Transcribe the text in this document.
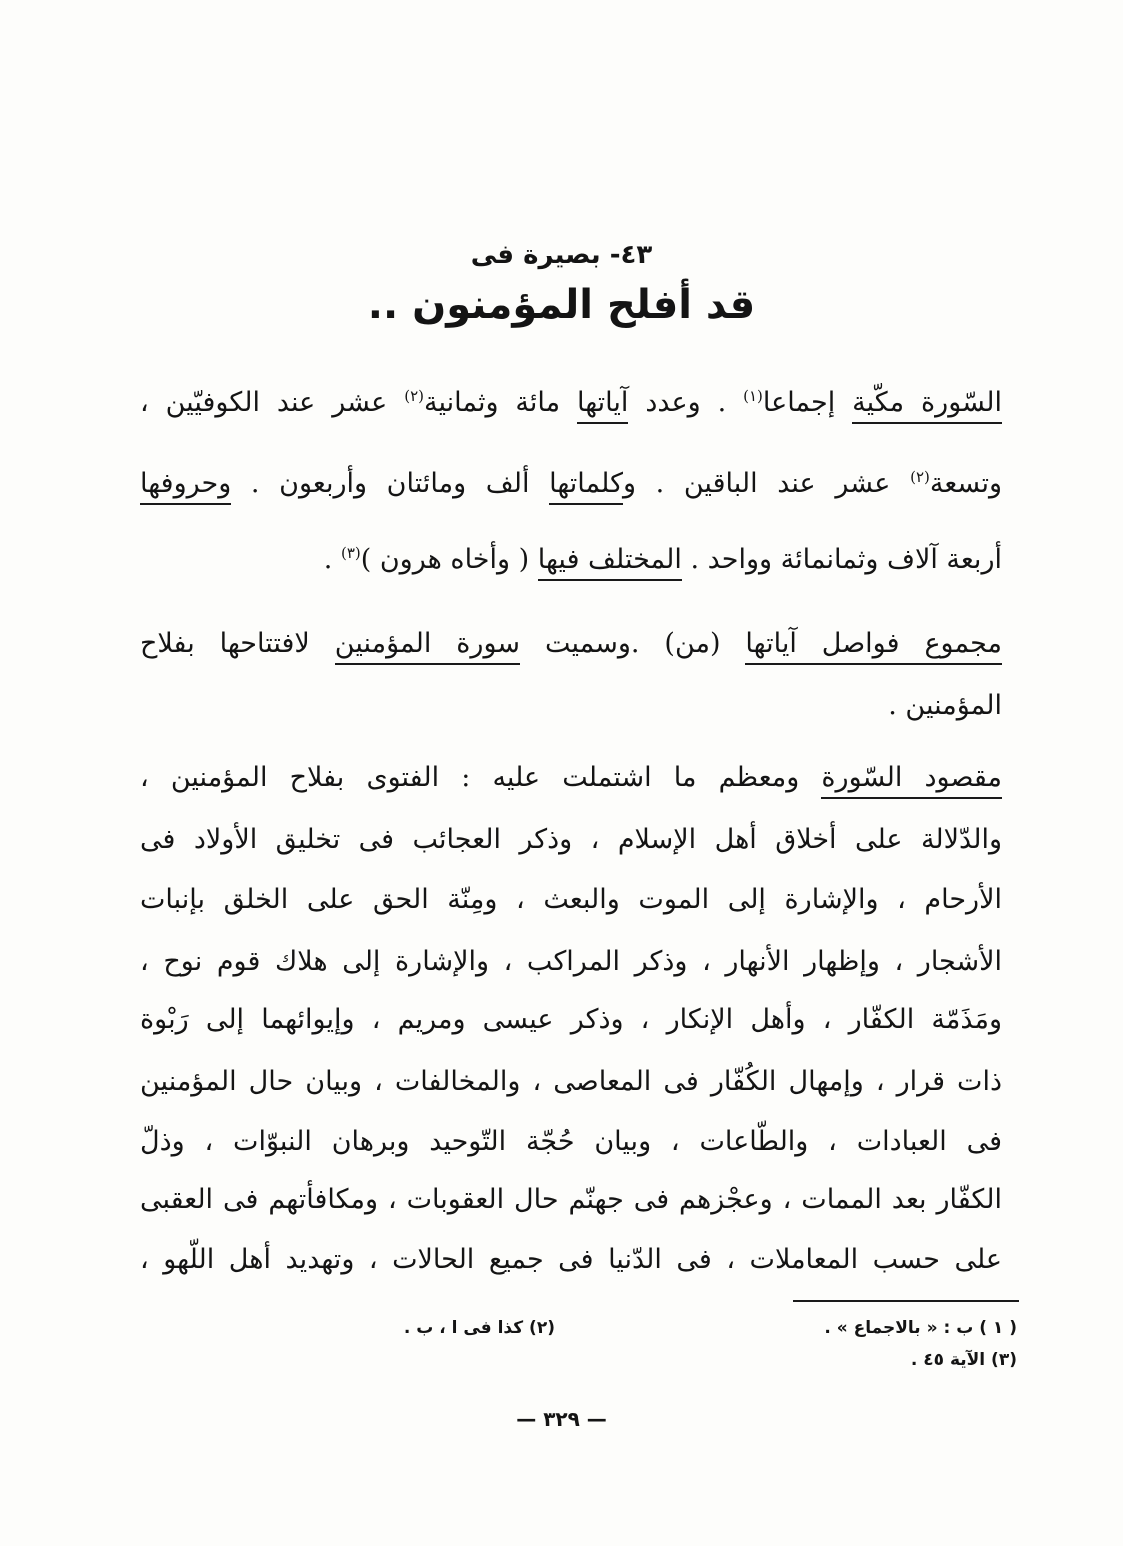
٤٣- بصيرة فى
قد أفلح المؤمنون ..
السّورة مكّية إجماعا$^{(١)}$ . وعدد آياتها مائة وثمانية$^{(٢)}$ عشر عند الكوفيّين ،
وتسعة$^{(٢)}$ عشر عند الباقين . وكلماتها ألف ومائتان وأربعون . وحروفها
أربعة آلاف وثمانمائة وواحد . المختلف فيها ( وأخاه هرون )$^{(٣)}$ .
مجموع فواصل آياتها (من) .وسميت سورة المؤمنين لافتتاحها بفلاح
المؤمنين .
مقصود السّورة ومعظم ما اشتملت عليه : الفتوى بفلاح المؤمنين ،
والدّلالة على أخلاق أهل الإسلام ، وذكر العجائب فى تخليق الأولاد فى
الأرحام ، والإشارة إلى الموت والبعث ، ومِنّة الحق على الخلق بإنبات
الأشجار ، وإظهار الأنهار ، وذكر المراكب ، والإشارة إلى هلاك قوم نوح ،
ومَذَمّة الكفّار ، وأهل الإنكار ، وذكر عيسى ومريم ، وإيوائهما إلى رَبْوة
ذات قرار ، وإمهال الكُفّار فى المعاصى ، والمخالفات ، وبيان حال المؤمنين
فى العبادات ، والطّاعات ، وبيان حُجّة التّوحيد وبرهان النبوّات ، وذلّ
الكفّار بعد الممات ، وعجْزهم فى جهنّم حال العقوبات ، ومكافأتهم فى العقبى
على حسب المعاملات ، فى الدّنيا فى جميع الحالات ، وتهديد أهل اللّهو ،
( ١ ) ب : « بالاجماع » .
(٢) كذا فى ا ، ب .
(٣) الآية ٤٥ .
— ٣٢٩ —
